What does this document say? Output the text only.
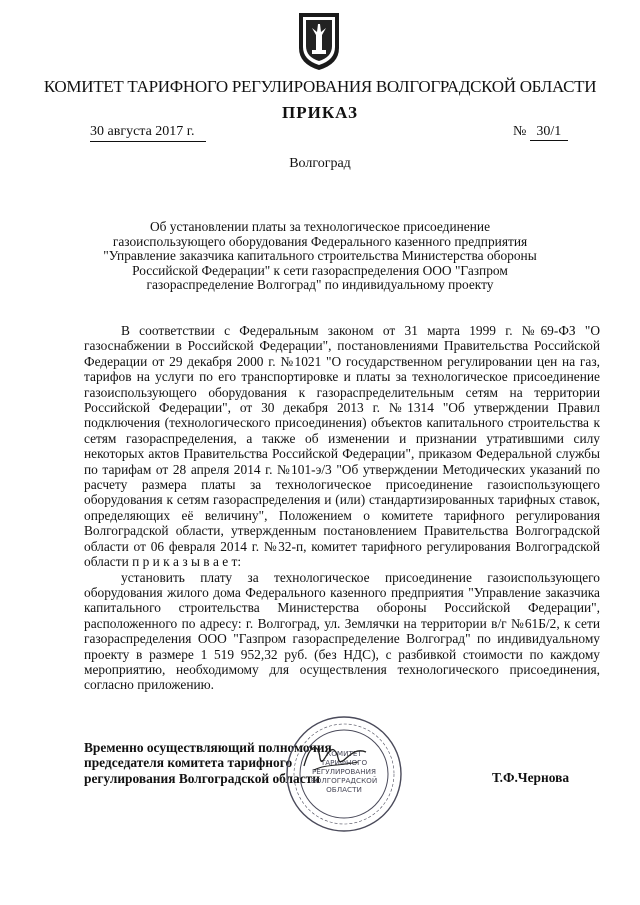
КОМИТЕТ ТАРИФНОГО РЕГУЛИРОВАНИЯ ВОЛГОГРАДСКОЙ ОБЛАСТИ
ПРИКАЗ
30 августа 2017 г.	№ 30/1
Волгоград
Об установлении платы за технологическое присоединение газоиспользующего оборудования Федерального казенного предприятия "Управление заказчика капитального строительства Министерства обороны Российской Федерации" к сети газораспределения ООО "Газпром газораспределение Волгоград" по индивидуальному проекту

В соответствии с Федеральным законом от 31 марта 1999 г. №69-ФЗ "О газоснабжении в Российской Федерации", постановлениями Правительства Российской Федерации от 29 декабря 2000 г. №1021 "О государственном регулировании цен на газ, тарифов на услуги по его транспортировке и платы за технологическое присоединение газоиспользующего оборудования к газораспределительным сетям на территории Российской Федерации", от 30 декабря 2013 г. №1314 "Об утверждении Правил подключения (технологического присоединения) объектов капитального строительства к сетям газораспределения, а также об изменении и признании утратившими силу некоторых актов Правительства Российской Федерации", приказом Федеральной службы по тарифам от 28 апреля 2014 г. №101-э/3 "Об утверждении Методических указаний по расчету размера платы за технологическое присоединение газоиспользующего оборудования к сетям газораспределения и (или) стандартизированных тарифных ставок, определяющих её величину", Положением о комитете тарифного регулирования Волгоградской области, утвержденным постановлением Правительства Волгоградской области от 06 февраля 2014 г. №32-п, комитет тарифного регулирования Волгоградской области п р и к а з ы в а е т:

установить плату за технологическое присоединение газоиспользующего оборудования жилого дома Федерального казенного предприятия "Управление заказчика капитального строительства Министерства обороны Российской Федерации", расположенного по адресу: г. Волгоград, ул. Землячки на территории в/г №61Б/2, к сети газораспределения ООО "Газпром газораспределение Волгоград" по индивидуальному проекту в размере 1 519 952,32 руб. (без НДС), с разбивкой стоимости по каждому мероприятию, необходимому для осуществления технологического присоединения, согласно приложению.

Временно осуществляющий полномочия председателя комитета тарифного регулирования Волгоградской области	Т.Ф.Чернова
КОМИТЕТ
ТАРИФНОГО
РЕГУЛИРОВАНИЯ
ВОЛГОГРАДСКОЙ
ОБЛАСТИ
